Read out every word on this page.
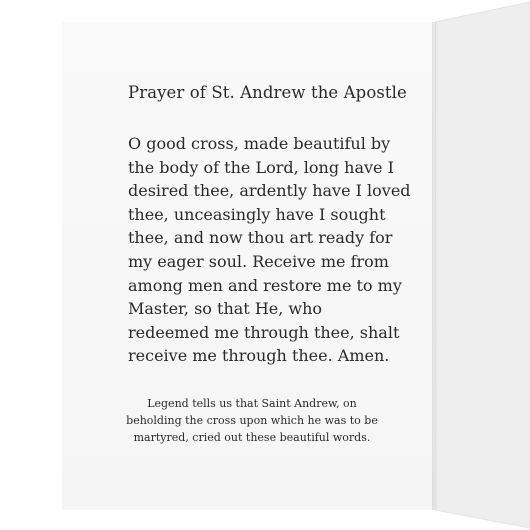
Prayer of St. Andrew the Apostle
O good cross, made beautiful by
the body of the Lord, long have I
desired thee, ardently have I loved
thee, unceasingly have I sought
thee, and now thou art ready for
my eager soul. Receive me from
among men and restore me to my
Master, so that He, who
redeemed me through thee, shalt
receive me through thee. Amen.
Legend tells us that Saint Andrew, on
beholding the cross upon which he was to be
martyred, cried out these beautiful words.
